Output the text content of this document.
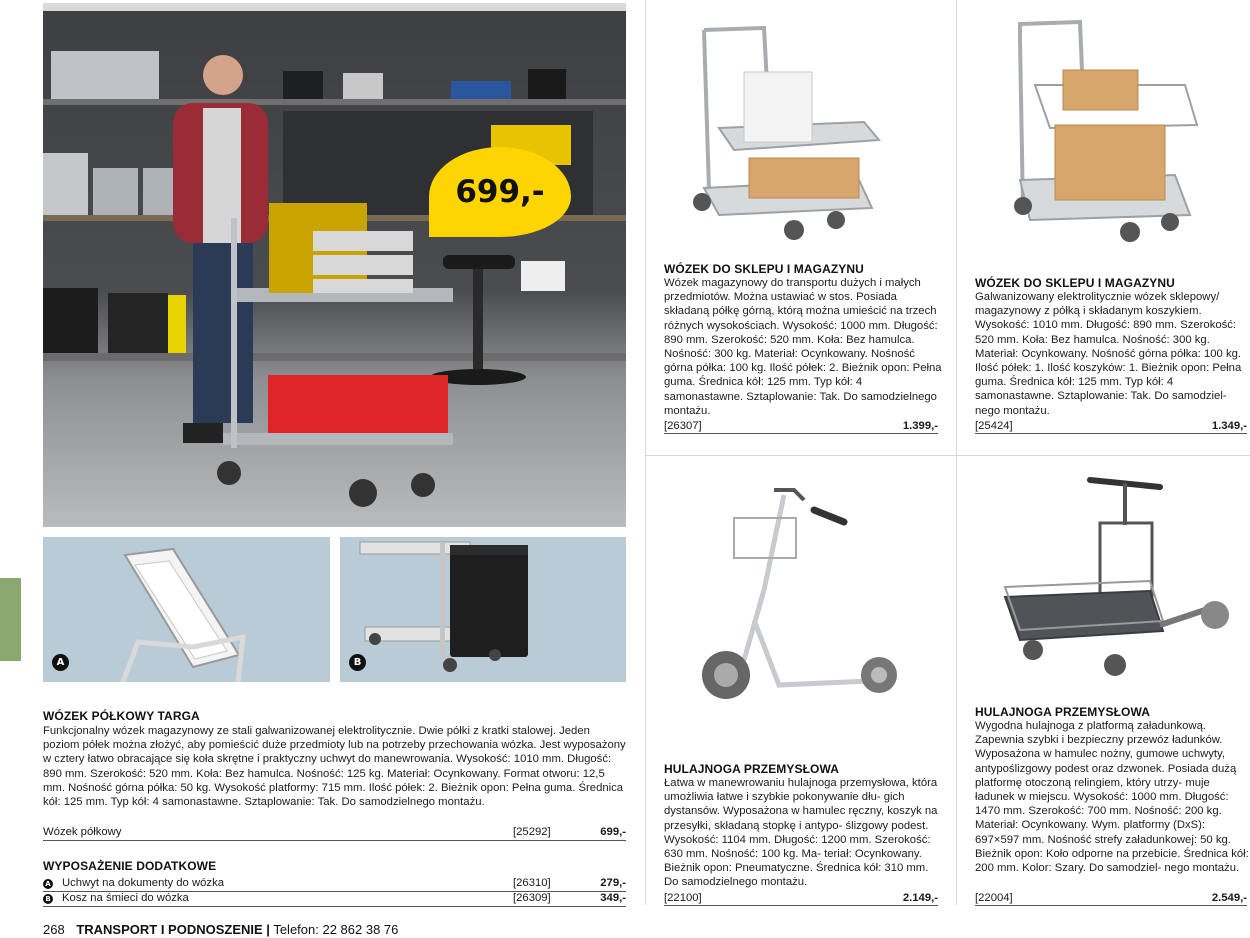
699,-
A	B
WÓZEK PÓŁKOWY TARGA
Funkcjonalny wózek magazynowy ze stali galwanizowanej elektrolitycznie. Dwie półki z kratki stalowej. Jeden poziom półek można złożyć, aby pomieścić duże przedmioty lub na potrzeby przechowania wózka. Jest wyposażony w cztery łatwo obracające się koła skrętne i praktyczny uchwyt do manewrowania. Wysokość: 1010 mm. Długość: 890 mm. Szerokość: 520 mm. Koła: Bez hamulca. Nośność: 125 kg. Materiał: Ocynkowany. Format otworu: 12,5 mm. Nośność górna półka: 50 kg. Wysokość platformy: 715 mm. Ilość półek: 2. Bieżnik opon: Pełna guma. Średnica kół: 125 mm. Typ kół: 4 samonastawne. Sztaplowanie: Tak. Do samodzielnego montażu.
Wózek półkowy	[25292]	699,-
WYPOSAŻENIE DODATKOWE
A Uchwyt na dokumenty do wózka	[26310]	279,-
B Kosz na śmieci do wózka	[26309]	349,-
WÓZEK DO SKLEPU I MAGAZYNU
Wózek magazynowy do transportu dużych i małych przedmiotów. Można ustawiać w stos. Posiada składaną półkę górną, którą można umieścić na trzech różnych wysokościach. Wysokość: 1000 mm. Długość: 890 mm. Szerokość: 520 mm. Koła: Bez hamulca. Nośność: 300 kg. Materiał: Ocynkowany. Nośność górna półka: 100 kg. Ilość półek: 2. Bieżnik opon: Pełna guma. Średnica kół: 125 mm. Typ kół: 4 samonastawne. Sztaplowanie: Tak. Do samodzielnego montażu.
[26307]	1.399,-
WÓZEK DO SKLEPU I MAGAZYNU
Galwanizowany elektrolitycznie wózek sklepowy/ magazynowy z półką i składanym koszykiem. Wysokość: 1010 mm. Długość: 890 mm. Szerokość: 520 mm. Koła: Bez hamulca. Nośność: 300 kg. Materiał: Ocynkowany. Nośność górna półka: 100 kg. Ilość półek: 1. Ilość koszyków: 1. Bieżnik opon: Pełna guma. Średnica kół: 125 mm. Typ kół: 4 samonastawne. Sztaplowanie: Tak. Do samodziel- nego montażu.
[25424]	1.349,-
HULAJNOGA PRZEMYSŁOWA
Łatwa w manewrowaniu hulajnoga przemysłowa, która umożliwia łatwe i szybkie pokonywanie dłu- gich dystansów. Wyposażona w hamulec ręczny, koszyk na przesyłki, składaną stopkę i antypo- ślizgowy podest. Wysokość: 1104 mm. Długość: 1200 mm. Szerokość: 630 mm. Nośność: 100 kg. Ma- teriał: Ocynkowany. Bieżnik opon: Pneumatyczne. Średnica kół: 310 mm. Do samodzielnego montażu.
[22100]	2.149,-
HULAJNOGA PRZEMYSŁOWA
Wygodna hulajnoga z platformą załadunkową. Zapewnia szybki i bezpieczny przewóz ładunków. Wyposażona w hamulec nożny, gumowe uchwyty, antypoślizgowy podest oraz dzwonek. Posiada dużą platformę otoczoną relingiem, który utrzy- muje ładunek w miejscu. Wysokość: 1000 mm. Długość: 1470 mm. Szerokość: 700 mm. Nośność: 200 kg. Materiał: Ocynkowany. Wym. platformy (DxS): 697×597 mm. Nośność strefy załadunkowej: 50 kg. Bieżnik opon: Koło odporne na przebicie. Średnica kół: 200 mm. Kolor: Szary. Do samodziel- nego montażu.
[22004]	2.549,-
268 TRANSPORT I PODNOSZENIE | Telefon: 22 862 38 76
